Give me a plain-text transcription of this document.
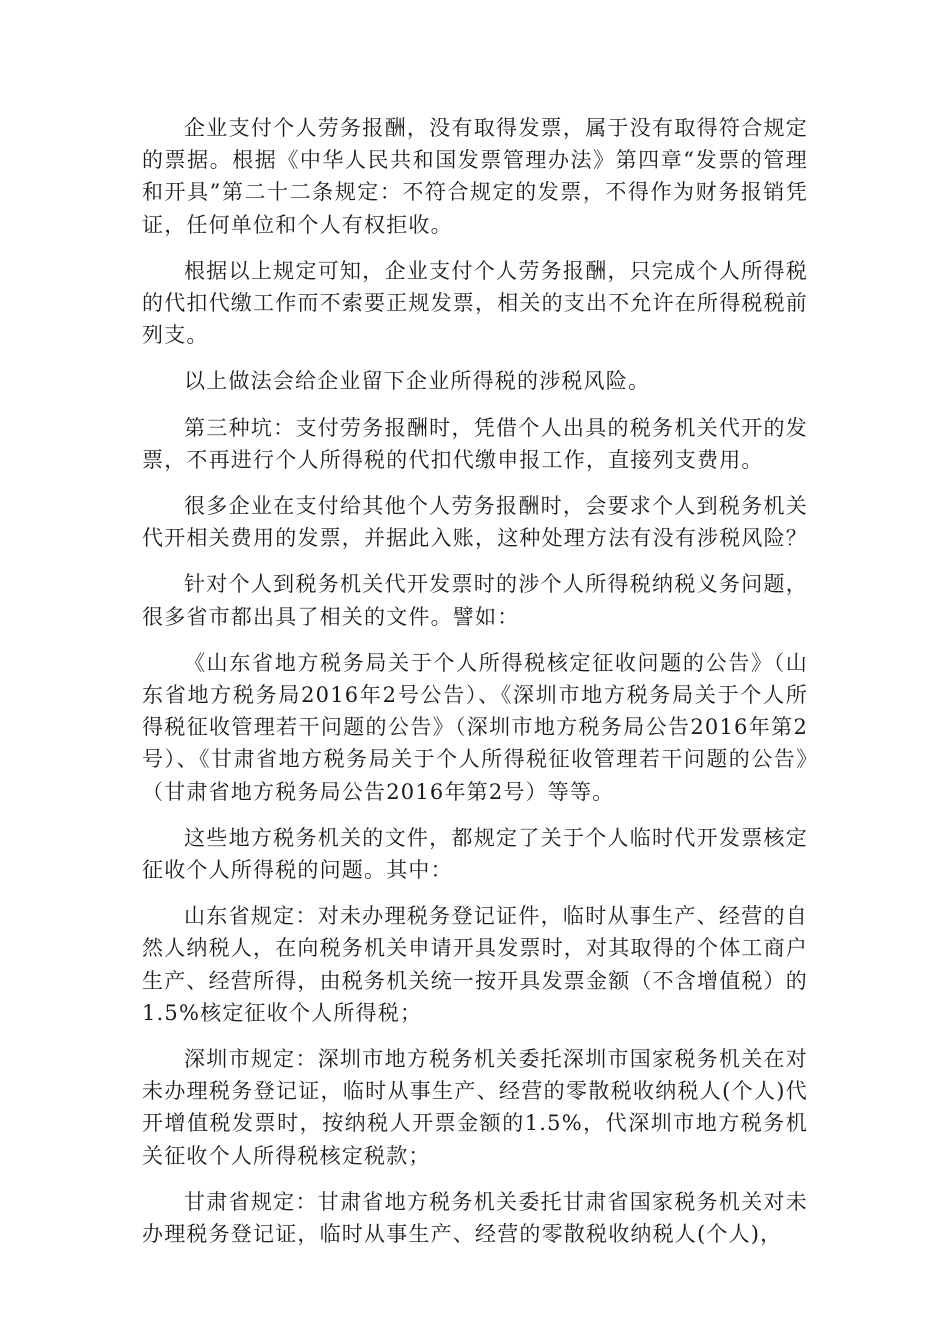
企业支付个人劳务报酬，没有取得发票，属于没有取得符合规定的票据。根据《中华人民共和国发票管理办法》第四章“发票的管理和开具”第二十二条规定：不符合规定的发票，不得作为财务报销凭证，任何单位和个人有权拒收。

根据以上规定可知，企业支付个人劳务报酬，只完成个人所得税的代扣代缴工作而不索要正规发票，相关的支出不允许在所得税税前列支。

以上做法会给企业留下企业所得税的涉税风险。

第三种坑：支付劳务报酬时，凭借个人出具的税务机关代开的发票，不再进行个人所得税的代扣代缴申报工作，直接列支费用。

很多企业在支付给其他个人劳务报酬时，会要求个人到税务机关代开相关费用的发票，并据此入账，这种处理方法有没有涉税风险？

针对个人到税务机关代开发票时的涉个人所得税纳税义务问题，很多省市都出具了相关的文件。譬如：

《山东省地方税务局关于个人所得税核定征收问题的公告》（山东省地方税务局2016年2号公告）、《深圳市地方税务局关于个人所得税征收管理若干问题的公告》（深圳市地方税务局公告2016年第2号）、《甘肃省地方税务局关于个人所得税征收管理若干问题的公告》（甘肃省地方税务局公告2016年第2号）等等。

这些地方税务机关的文件，都规定了关于个人临时代开发票核定征收个人所得税的问题。其中：

山东省规定：对未办理税务登记证件，临时从事生产、经营的自然人纳税人，在向税务机关申请开具发票时，对其取得的个体工商户生产、经营所得，由税务机关统一按开具发票金额（不含增值税）的1.5%核定征收个人所得税；

深圳市规定：深圳市地方税务机关委托深圳市国家税务机关在对未办理税务登记证，临时从事生产、经营的零散税收纳税人(个人)代开增值税发票时，按纳税人开票金额的1.5%，代深圳市地方税务机关征收个人所得税核定税款；

甘肃省规定：甘肃省地方税务机关委托甘肃省国家税务机关对未办理税务登记证，临时从事生产、经营的零散税收纳税人(个人)，
